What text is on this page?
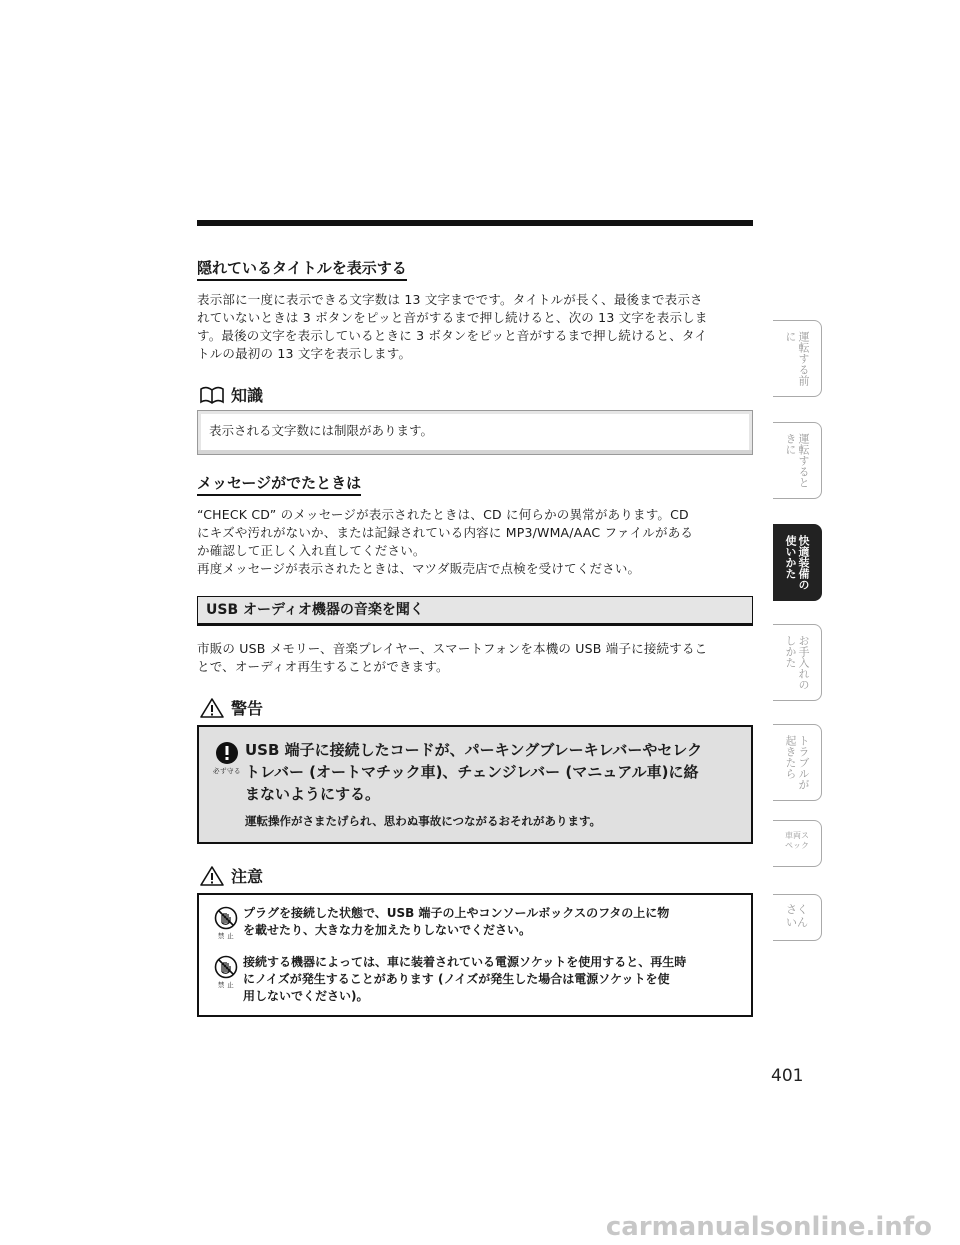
隠れているタイトルを表示する

表示部に一度に表示できる文字数は 13 文字までです。タイトルが長く、最後まで表示さ
れていないときは 3 ボタンをピッと音がするまで押し続けると、次の 13 文字を表示しま
す。最後の文字を表示しているときに 3 ボタンをピッと音がするまで押し続けると、タイ
トルの最初の 13 文字を表示します。

知識
表示される文字数には制限があります。
メッセージがでたときは

“CHECK CD” のメッセージが表示されたときは、CD に何らかの異常があります。CD
にキズや汚れがないか、または記録されている内容に MP3/WMA/AAC ファイルがある
か確認して正しく入れ直してください。
再度メッセージが表示されたときは、マツダ販売店で点検を受けてください。

USB オーディオ機器の音楽を聞く

市販の USB メモリー、音楽プレイヤー、スマートフォンを本機の USB 端子に接続するこ
とで、オーディオ再生することができます。

警告
必ず守る
USB 端子に接続したコードが、パーキングブレーキレバーやセレク
トレバー (オートマチック車)、チェンジレバー (マニュアル車)に絡
まないようにする。
運転操作がさまたげられ、思わぬ事故につながるおそれがあります。
注意
禁 止
プラグを接続した状態で、USB 端子の上やコンソールボックスのフタの上に物
を載せたり、大きな力を加えたりしないでください。
禁 止
接続する機器によっては、車に装着されている電源ソケットを使用すると、再生時
にノイズが発生することがあります (ノイズが発生した場合は電源ソケットを使
用しないでください)。
運転する前に
運転するときに
快適装備の使いかた
お手入れのしかた
トラブルが起きたら
車両スペック
さくいん
401
carmanualsonline.info
